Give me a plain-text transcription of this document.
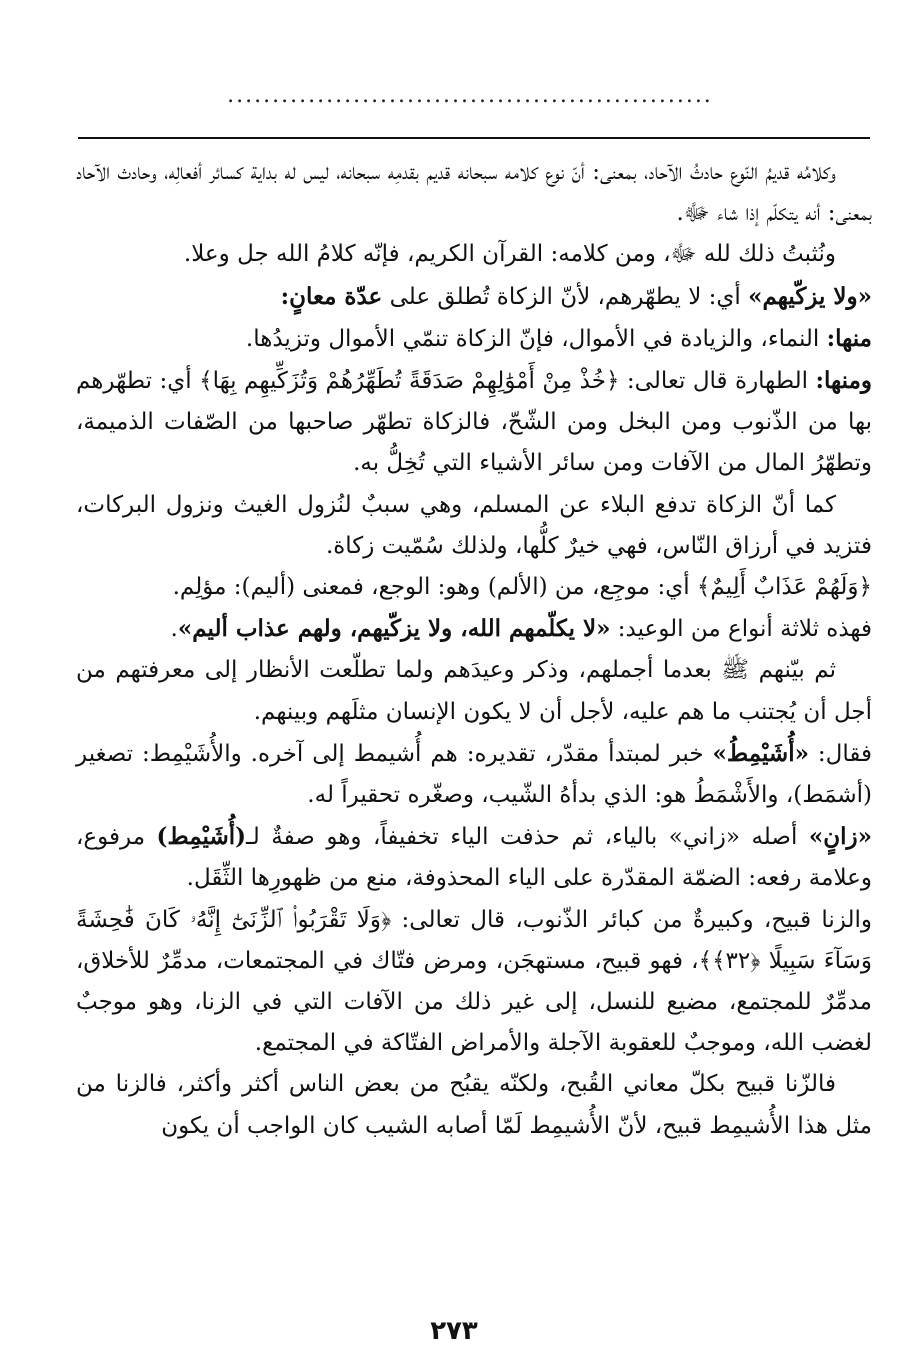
......................................................

وكلامُه قديمُ النّوع حادثُ الآحاد، بمعنى: أنّ نوع كلامه سبحانه قديم بقدمِه سبحانه، ليس له بداية كسائر أفعالِه، وحادث الآحاد بمعنى: أنه يتكلّم إذا شاء ﷻ.

ونُثبتُ ذلك لله ﷻ، ومن كلامه: القرآن الكريم، فإنّه كلامُ الله جل وعلا.

«ولا يزكّيهم» أي: لا يطهّرهم، لأنّ الزكاة تُطلق على عدّة معانٍ:

منها: النماء، والزيادة في الأموال، فإنّ الزكاة تنمّي الأموال وتزيدُها.

ومنها: الطهارة قال تعالى: ﴿خُذْ مِنْ أَمْوَٰلِهِمْ صَدَقَةً تُطَهِّرُهُمْ وَتُزَكِّيهِم بِهَا﴾ أي: تطهّرهم بها من الذّنوب ومن البخل ومن الشّحّ، فالزكاة تطهّر صاحبها من الصّفات الذميمة، وتطهّرُ المال من الآفات ومن سائر الأشياء التي تُخِلُّ به.

كما أنّ الزكاة تدفع البلاء عن المسلم، وهي سببٌ لنُزول الغيث ونزول البركات، فتزيد في أرزاق النّاس، فهي خيرٌ كلُّها، ولذلك سُمّيت زكاة.

﴿وَلَهُمْ عَذَابٌ أَلِيمٌ﴾ أي: موجِع، من (الألم) وهو: الوجع، فمعنى (أليم): مؤلِم.

فهذه ثلاثة أنواع من الوعيد: «لا يكلّمهم الله، ولا يزكّيهم، ولهم عذاب أليم».

ثم بيّنهم ﷺ بعدما أجملهم، وذكر وعيدَهم ولما تطلّعت الأنظار إلى معرفتهم من أجل أن يُجتنب ما هم عليه، لأجل أن لا يكون الإنسان مثلَهم وبينهم.

فقال: «أُشَيْمِطُ» خبر لمبتدأ مقدّر، تقديره: هم أُشيمط إلى آخره. والأُشَيْمِط: تصغير (أشمَط)، والأَشْمَطُ هو: الذي بدأهُ الشّيب، وصغّره تحقيراً له.

«زانٍ» أصله «زاني» بالياء، ثم حذفت الياء تخفيفاً، وهو صفةٌ لـ(أُشَيْمِط) مرفوع، وعلامة رفعه: الضمّة المقدّرة على الياء المحذوفة، منع من ظهورِها الثِّقَل.

والزنا قبيح، وكبيرةٌ من كبائر الذّنوب، قال تعالى: ﴿وَلَا تَقْرَبُوا۟ ٱلزِّنَىٰٓ إِنَّهُۥ كَانَ فَٰحِشَةً وَسَآءَ سَبِيلًا ﴿٣٢﴾﴾، فهو قبيح، مستهجَن، ومرض فتّاك في المجتمعات، مدمِّرٌ للأخلاق، مدمِّرٌ للمجتمع، مضيع للنسل، إلى غير ذلك من الآفات التي في الزنا، وهو موجبٌ لغضب الله، وموجبٌ للعقوبة الآجلة والأمراض الفتّاكة في المجتمع.

فالزّنا قبيح بكلّ معاني القُبح، ولكنّه يقبُح من بعض الناس أكثر وأكثر، فالزنا من مثل هذا الأُشيمِط قبيح، لأنّ الأُشيمِط لَمّا أصابه الشيب كان الواجب أن يكون

٢٧٣
